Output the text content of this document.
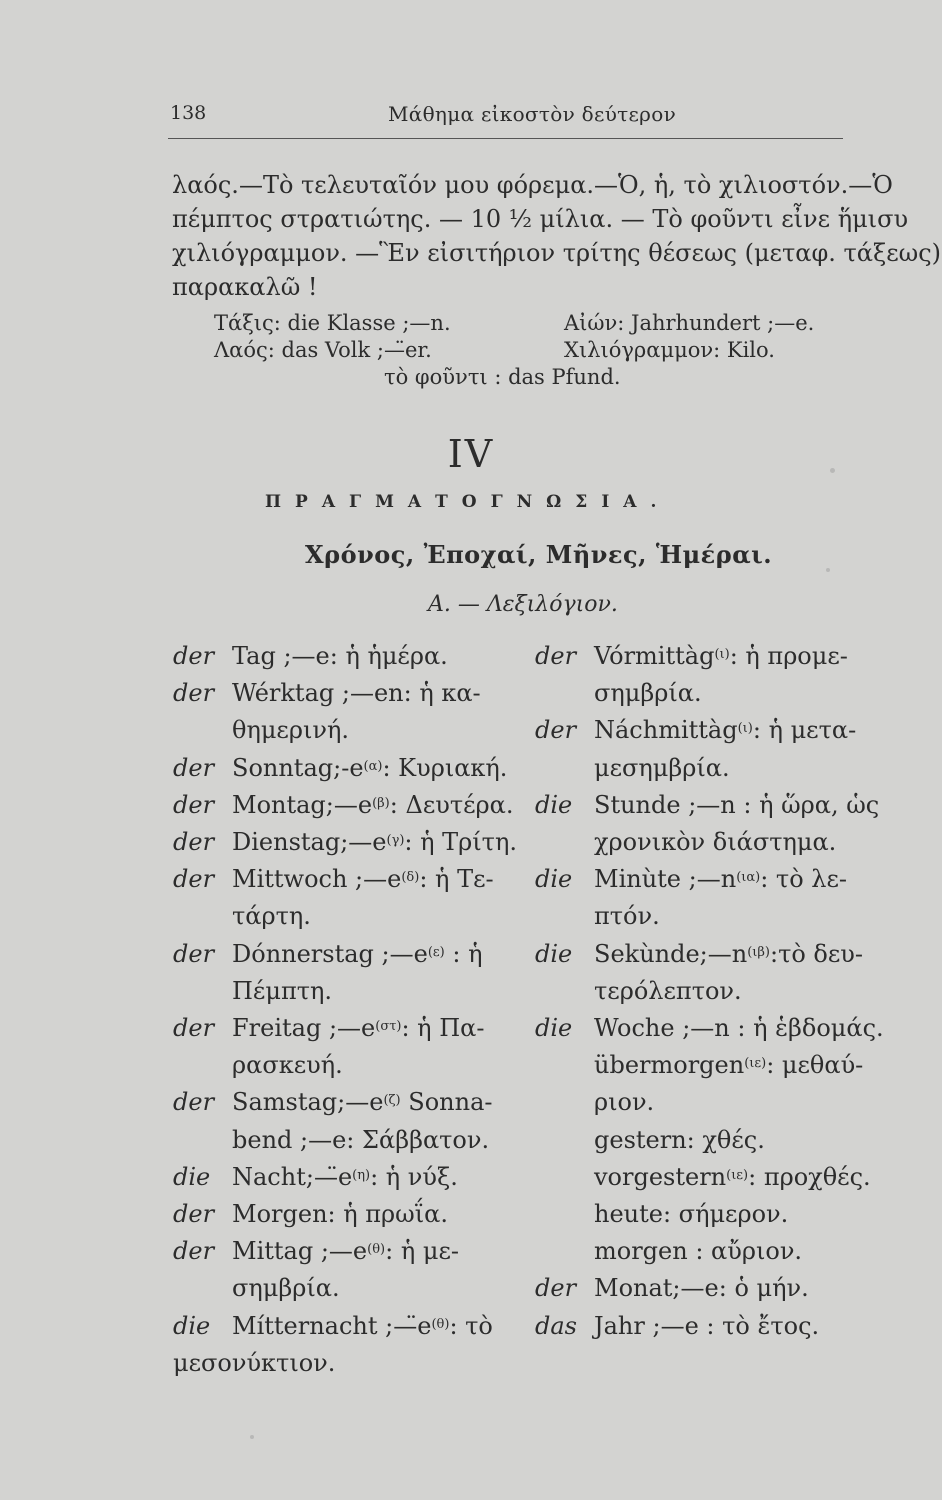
138	Μάθημα εἰκοστὸν δεύτερον
λαός.—Τὸ τελευταῖόν μου φόρεμα.—Ὁ, ἡ, τὸ χιλιοστόν.—Ὁ
πέμπτος στρατιώτης. — 10 ½ μίλια. — Τὸ φοῦντι εἶνε ἥμισυ
χιλιόγραμμον. —Ἓν εἰσιτήριον τρίτης θέσεως (μεταφ. τάξεως)
παρακαλῶ !
Τάξις: die Klasse ;—n.	Αἰών: Jahrhundert ;—e.
Λαός: das Volk ;—̈er.	Χιλιόγραμμον: Kilo.
τὸ φοῦντι : das Pfund.
IV
ΠΡΑΓΜΑΤΟΓΝΩΣΙΑ.
Χρόνος, Ἐποχαί, Μῆνες, Ἡμέραι.
Α. — Λεξιλόγιον.
der Tag ;—e: ἡ ἡμέρα.
der Wérktag ;—en: ἡ κα-
θημερινή.
der $Sonntag;-e^{(\alpha)}$: Κυριακή.
der $Montag;—e^{(\beta)}$: Δευτέρα.
der $Dienstag;—e^{(\gamma)}$: ἡ Τρίτη.
der Mittwoch $;—e^{(\delta)}$: ἡ Τε-
τάρτη.
der Dónnerstag $;—e^{(\varepsilon)}$ : ἡ
Πέμπτη.
der Freitag $;—e^{(\sigma\tau)}$: ἡ Πα-
ρασκευή.
der $Samstag;—e^{(\zeta)}$ Sonna-
bend ;—e: Σάββατον.
die $Nacht;—̈e^{(\eta)}$: ἡ νύξ.
der Morgen: ἡ πρωΐα.
der Mittag $;—e^{(\theta)}$: ἡ με-
σημβρία.
die Mítternacht $;—̈e^{(\theta)}$: τὸ
μεσονύκτιον.
der Vórmittàg$^{(\iota)}$: ἡ προμε-
σημβρία.
der Náchmittàg$^{(\iota)}$: ἡ μετα-
μεσημβρία.
die Stunde ;—n : ἡ ὥρα, ὡς
χρονικὸν διάστημα.
die Minùte $;—n^{(\iota\alpha)}$: τὸ λε-
πτόν.
die $Sekùnde;—n^{(\iota\beta)}:\tau ὸ$ δευ-
τερόλεπτον.
die Woche ;—n : ἡ ἑβδομάς.
übermorgen$^{(\iota\varepsilon)}$: μεθαύ-
ριον.
gestern: χθές.
vorgestern$^{(\iota\varepsilon)}$: προχθές.
heute: σήμερον.
morgen : αὔριον.
der Monat;—e: ὁ μήν.
das Jahr ;—e : τὸ ἔτος.
